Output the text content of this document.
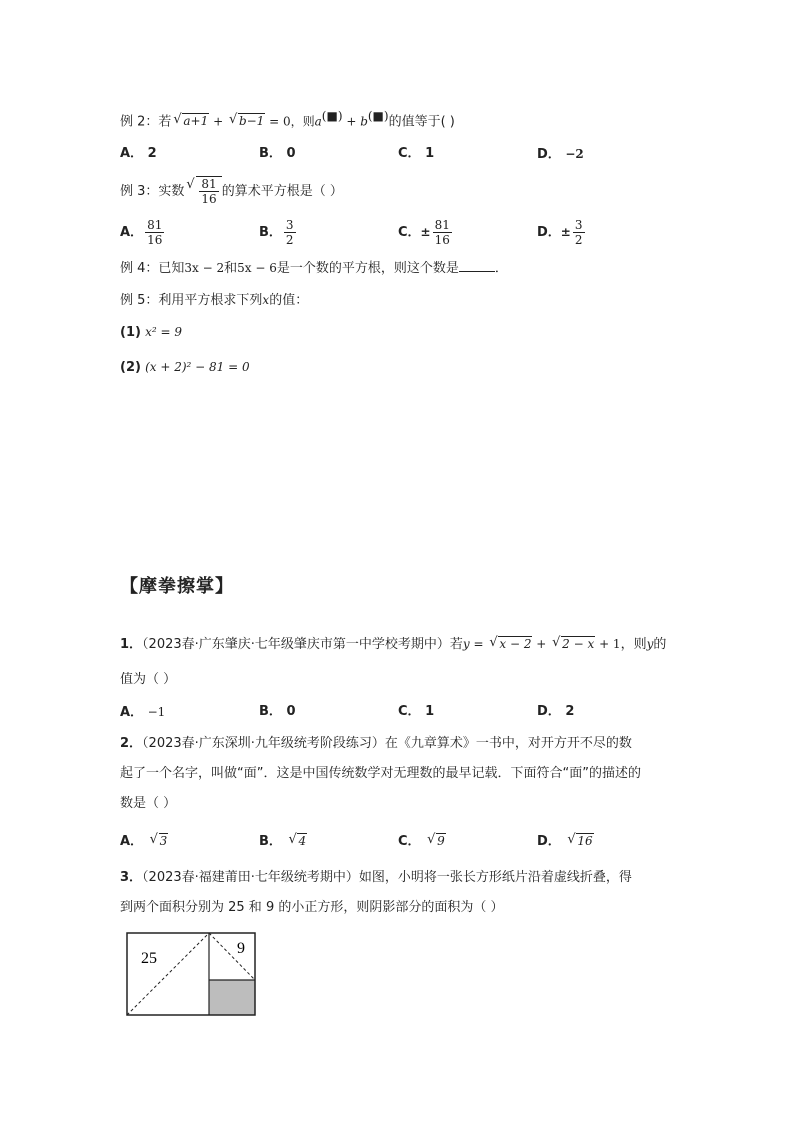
例 2：若 √ a+1 + √ b−1 = 0，则a(■) + b(■)的值等于( )
A． 2	B． 0	C． 1	D． −2
例 3：实数 √ $\frac{81}{16}$ 的算术平方根是（ ）
A． $\frac{81}{16}$	B． $\frac{3}{2}$	C．± $\frac{81}{16}$	D．± $\frac{3}{2}$
例 4：已知3x − 2和5x − 6是一个数的平方根，则这个数是	．
例 5：利用平方根求下列x的值：
(1) x² = 9
(2) (x + 2)² − 81 = 0
【摩拳擦掌】
1．（2023春·广东肇庆·七年级肇庆市第一中学校考期中）若y = √ x − 2 + √ 2 − x + 1，则y的
值为（ ）
A． −1	B． 0	C． 1	D． 2
2．（2023春·广东深圳·九年级统考阶段练习）在《九章算术》一书中，对开方开不尽的数
起了一个名字，叫做“面”．这是中国传统数学对无理数的最早记载．下面符合“面”的描述的
数是（ ）
A． √ 3	B． √ 4	C． √ 9	D． √ 16
3．（2023春·福建莆田·七年级统考期中）如图，小明将一张长方形纸片沿着虚线折叠，得
到两个面积分别为 25 和 9 的小正方形，则阴影部分的面积为（ ）
25
9
